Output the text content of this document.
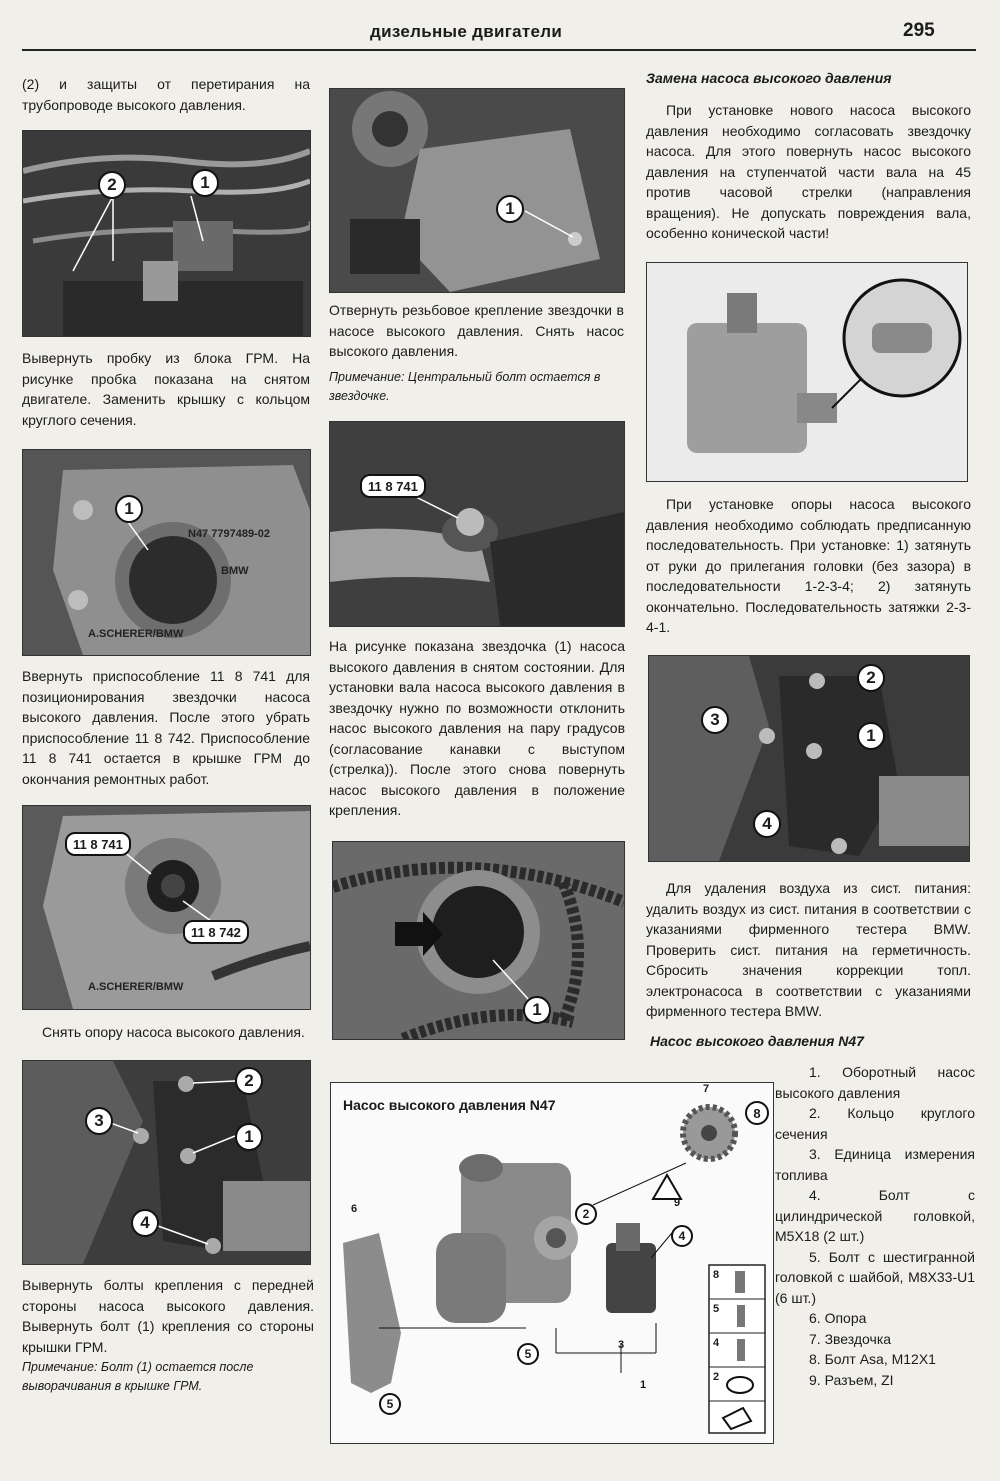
дизельные двигатели	295

(2) и защиты от перетирания на трубопроводе высокого давления.

2	1

Вывернуть пробку из блока ГРМ. На рисунке пробка показана на снятом двигателе. Заменить крышку с кольцом круглого сечения.

1
N47 7797489-02
BMW
A.SCHERER/BMW

Ввернуть приспособление 11 8 741 для позиционирования звездочки насоса высокого давления. После этого убрать приспособление 11 8 742. Приспособление 11 8 741 остается в крышке ГРМ до окончания ремонтных работ.

11 8 741
11 8 742
A.SCHERER/BMW

Снять опору насоса высокого давления.

2
3
1
4

Вывернуть болты крепления с передней стороны насоса высокого давления. Вывернуть болт (1) крепления со стороны крышки ГРМ.

Примечание: Болт (1) остается после выворачивания в крышке ГРМ.

1

Отвернуть резьбовое крепление звездочки в насосе высокого давления. Снять насос высокого давления.

Примечание: Центральный болт остается в звездочке.

11 8 741

На рисунке показана звездочка (1) насоса высокого давления в снятом состоянии. Для установки вала насоса высокого давления в звездочку нужно по возможности отклонить насос высокого давления на пару градусов (согласование канавки с выступом (стрелка)). После этого снова повернуть насос высокого давления в положение крепления.

1
Насос высокого давления N47	8
7
2
9
4
6
5
3
1
5
8
5
4
2

Замена насоса высокого давления

При установке нового насоса высокого давления необходимо согласовать звездочку насоса. Для этого повернуть насос высокого давления на ступенчатой части вала на 45 против часовой стрелки (направления вращения). Не допускать повреждения вала, особенно конической части!

При установке опоры насоса высокого давления необходимо соблюдать предписанную последовательность. При установке: 1) затянуть от руки до прилегания головки (без зазора) в последовательности 1-2-3-4; 2) затянуть окончательно. Последовательность затяжки 2-3-4-1.

2
3
1
4

Для удаления воздуха из сист. питания: удалить воздух из сист. питания в соответствии с указаниями фирменного тестера BMW. Проверить сист. питания на герметичность. Сбросить значения коррекции топл. электронасоса в соответствии с указаниями фирменного тестера BMW.

Насос высокого давления N47

1. Оборотный насос высокого давления
2. Кольцо круглого сечения
3. Единица измерения топлива
4. Болт с цилиндрической головкой, M5X18 (2 шт.)
5. Болт с шестигранной головкой с шайбой, M8X33-U1 (6 шт.)
6. Опора
7. Звездочка
8. Болт Asa, M12X1
9. Разъем, ZI
